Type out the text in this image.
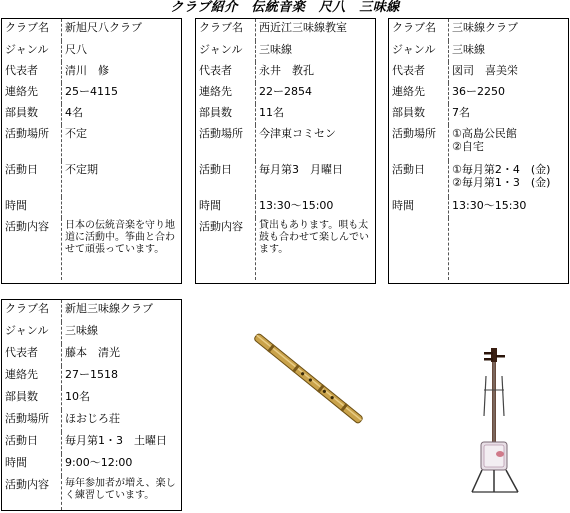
クラブ紹介　伝統音楽　尺八　三味線
クラブ名	新旭尺八クラブ
ジャンル	尺八
代表者	清川　修
連絡先	25ー4115
部員数	4名
活動場所	不定
活動日	不定期
時間	
活動内容	日本の伝統音楽を守り地道に活動中。筝曲と合わせて頑張っています。
クラブ名	西近江三味線教室
ジャンル	三味線
代表者	永井　教孔
連絡先	22ー2854
部員数	11名
活動場所	今津東コミセン
活動日	毎月第3　月曜日
時間	13:30～15:00
活動内容	貸出もあります。唄も太鼓も合わせて楽しんでいます。
クラブ名	三味線クラブ
ジャンル	三味線
代表者	図司　喜美栄
連絡先	36ー2250
部員数	7名
活動場所	①高島公民館
②自宅
活動日	①毎月第2・4　(金)
②毎月第1・3　(金)
時間	13:30～15:30

クラブ名	新旭三味線クラブ
ジャンル	三味線
代表者	藤本　清光
連絡先	27ー1518
部員数	10名
活動場所	ほおじろ荘
活動日	毎月第1・3　土曜日
時間	9:00～12:00
活動内容	毎年参加者が増え、楽しく練習しています。
